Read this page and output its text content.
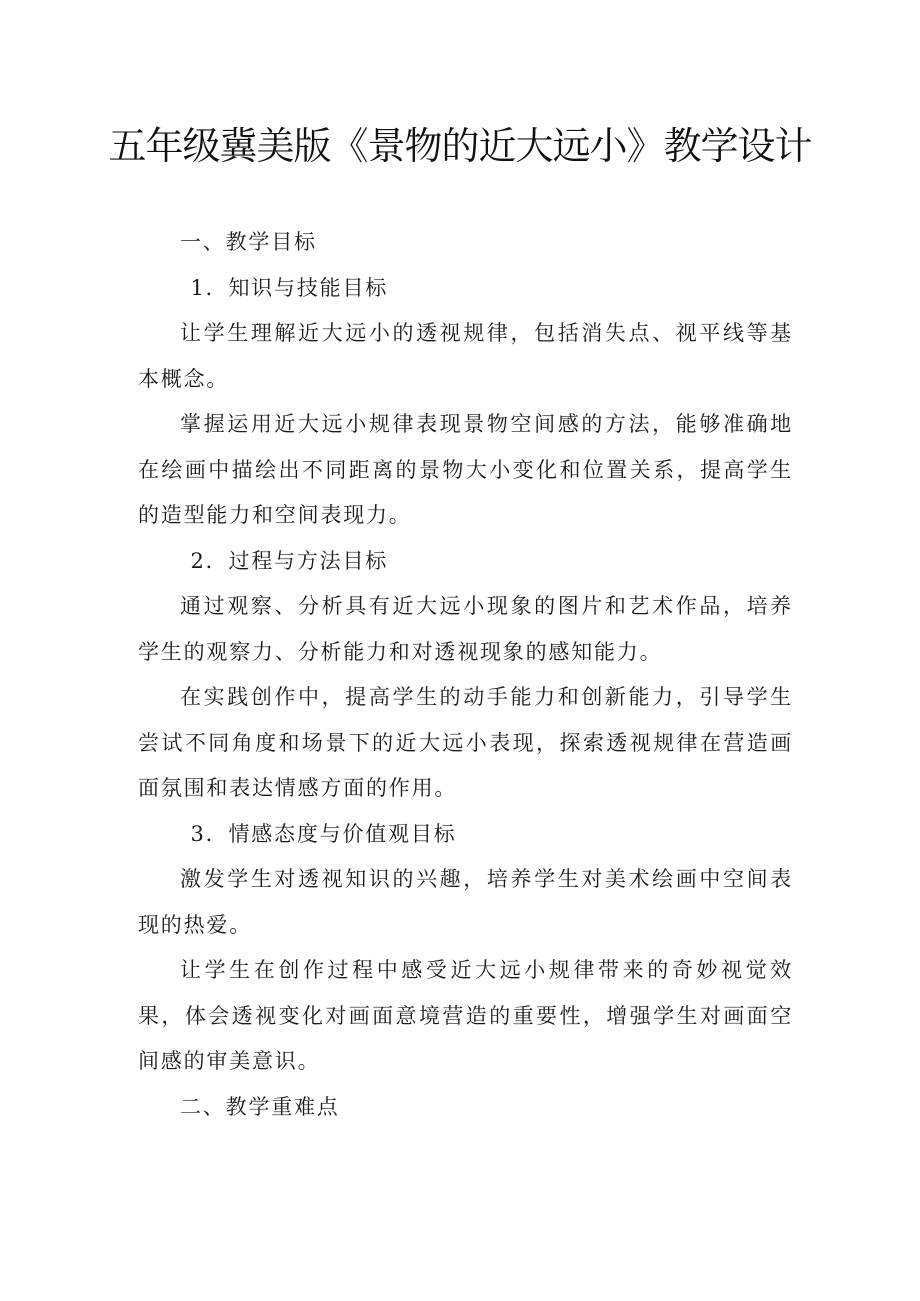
五年级冀美版《景物的近大远小》教学设计

一、教学目标

1．知识与技能目标

让学生理解近大远小的透视规律，包括消失点、视平线等基本概念。

掌握运用近大远小规律表现景物空间感的方法，能够准确地在绘画中描绘出不同距离的景物大小变化和位置关系，提高学生的造型能力和空间表现力。

2．过程与方法目标

通过观察、分析具有近大远小现象的图片和艺术作品，培养学生的观察力、分析能力和对透视现象的感知能力。

在实践创作中，提高学生的动手能力和创新能力，引导学生尝试不同角度和场景下的近大远小表现，探索透视规律在营造画面氛围和表达情感方面的作用。

3．情感态度与价值观目标

激发学生对透视知识的兴趣，培养学生对美术绘画中空间表现的热爱。

让学生在创作过程中感受近大远小规律带来的奇妙视觉效果，体会透视变化对画面意境营造的重要性，增强学生对画面空间感的审美意识。

二、教学重难点
